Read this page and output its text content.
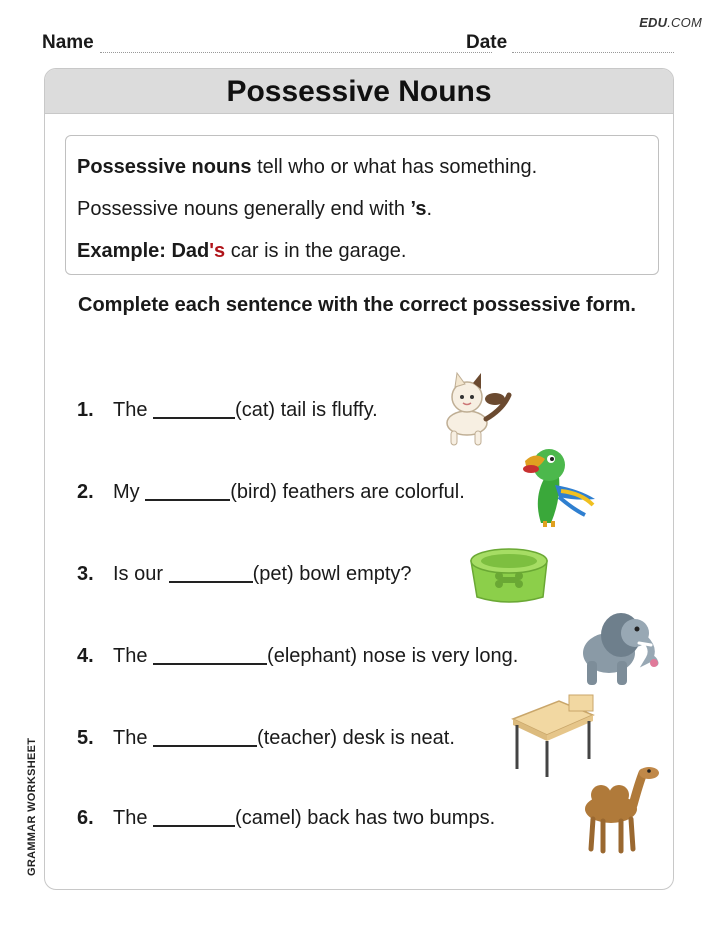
EDU.COM
Name	Date
Possessive Nouns
Possessive nouns tell who or what has something.
Possessive nouns generally end with ’s.
Example: Dad's car is in the garage.
Complete each sentence with the correct possessive form.
1. The	(cat) tail is fluffy.
2. My	(bird) feathers are colorful.
3. Is our	(pet) bowl empty?
4. The	(elephant) nose is very long.
5. The	(teacher) desk is neat.
6. The	(camel) back has two bumps.
GRAMMAR WORKSHEET
